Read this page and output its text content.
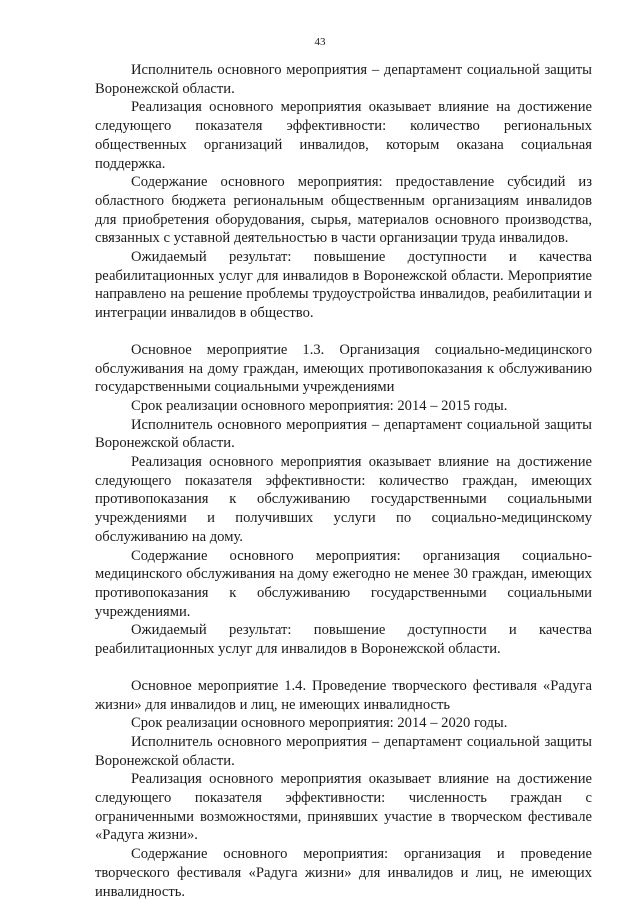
43

Исполнитель основного мероприятия – департамент социальной защиты Воронежской области.

Реализация основного мероприятия оказывает влияние на достижение следующего показателя эффективности: количество региональных общественных организаций инвалидов, которым оказана социальная поддержка.

Содержание основного мероприятия: предоставление субсидий из областного бюджета региональным общественным организациям инвалидов для приобретения оборудования, сырья, материалов основного производства, связанных с уставной деятельностью в части организации труда инвалидов.

Ожидаемый результат: повышение доступности и качества реабилитационных услуг для инвалидов в Воронежской области. Мероприятие направлено на решение проблемы трудоустройства инвалидов, реабилитации и интеграции инвалидов в общество.

Основное мероприятие 1.3. Организация социально-медицинского обслуживания на дому граждан, имеющих противопоказания к обслуживанию государственными социальными учреждениями

Срок реализации основного мероприятия: 2014 – 2015 годы.

Исполнитель основного мероприятия – департамент социальной защиты Воронежской области.

Реализация основного мероприятия оказывает влияние на достижение следующего показателя эффективности: количество граждан, имеющих противопоказания к обслуживанию государственными социальными учреждениями и получивших услуги по социально-медицинскому обслуживанию на дому.

Содержание основного мероприятия: организация социально-медицинского обслуживания на дому ежегодно не менее 30 граждан, имеющих противопоказания к обслуживанию государственными социальными учреждениями.

Ожидаемый результат: повышение доступности и качества реабилитационных услуг для инвалидов в Воронежской области.

Основное мероприятие 1.4. Проведение творческого фестиваля «Радуга жизни» для инвалидов и лиц, не имеющих инвалидность

Срок реализации основного мероприятия: 2014 – 2020 годы.

Исполнитель основного мероприятия – департамент социальной защиты Воронежской области.

Реализация основного мероприятия оказывает влияние на достижение следующего показателя эффективности: численность граждан с ограниченными возможностями, принявших участие в творческом фестивале «Радуга жизни».

Содержание основного мероприятия: организация и проведение творческого фестиваля «Радуга жизни» для инвалидов и лиц, не имеющих инвалидность.
